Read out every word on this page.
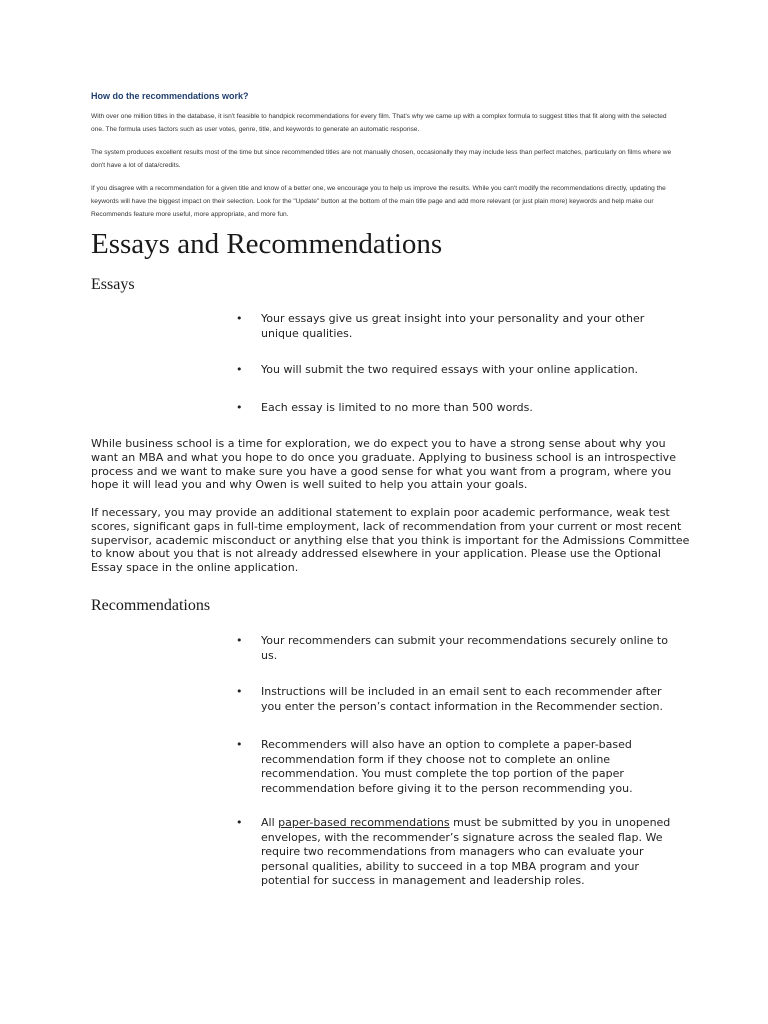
How do the recommendations work?

With over one million titles in the database, it isn't feasible to handpick recommendations for every film. That's why we came up with a complex formula to suggest titles that fit along with the selected one. The formula uses factors such as user votes, genre, title, and keywords to generate an automatic response.

The system produces excellent results most of the time but since recommended titles are not manually chosen, occasionally they may include less than perfect matches, particularly on films where we don't have a lot of data/credits.

If you disagree with a recommendation for a given title and know of a better one, we encourage you to help us improve the results. While you can't modify the recommendations directly, updating the keywords will have the biggest impact on their selection. Look for the "Update" button at the bottom of the main title page and add more relevant (or just plain more) keywords and help make our Recommends feature more useful, more appropriate, and more fun.

Essays and Recommendations
Essays
• Your essays give us great insight into your personality and your other unique qualities.
• You will submit the two required essays with your online application.
• Each essay is limited to no more than 500 words.

While business school is a time for exploration, we do expect you to have a strong sense about why you want an MBA and what you hope to do once you graduate. Applying to business school is an introspective process and we want to make sure you have a good sense for what you want from a program, where you hope it will lead you and why Owen is well suited to help you attain your goals.

If necessary, you may provide an additional statement to explain poor academic performance, weak test scores, significant gaps in full-time employment, lack of recommendation from your current or most recent supervisor, academic misconduct or anything else that you think is important for the Admissions Committee to know about you that is not already addressed elsewhere in your application. Please use the Optional Essay space in the online application.

Recommendations
• Your recommenders can submit your recommendations securely online to us.
• Instructions will be included in an email sent to each recommender after you enter the person’s contact information in the Recommender section.
• Recommenders will also have an option to complete a paper-based recommendation form if they choose not to complete an online recommendation. You must complete the top portion of the paper recommendation before giving it to the person recommending you.
• All paper-based recommendations must be submitted by you in unopened envelopes, with the recommender’s signature across the sealed flap. We require two recommendations from managers who can evaluate your personal qualities, ability to succeed in a top MBA program and your potential for success in management and leadership roles.
